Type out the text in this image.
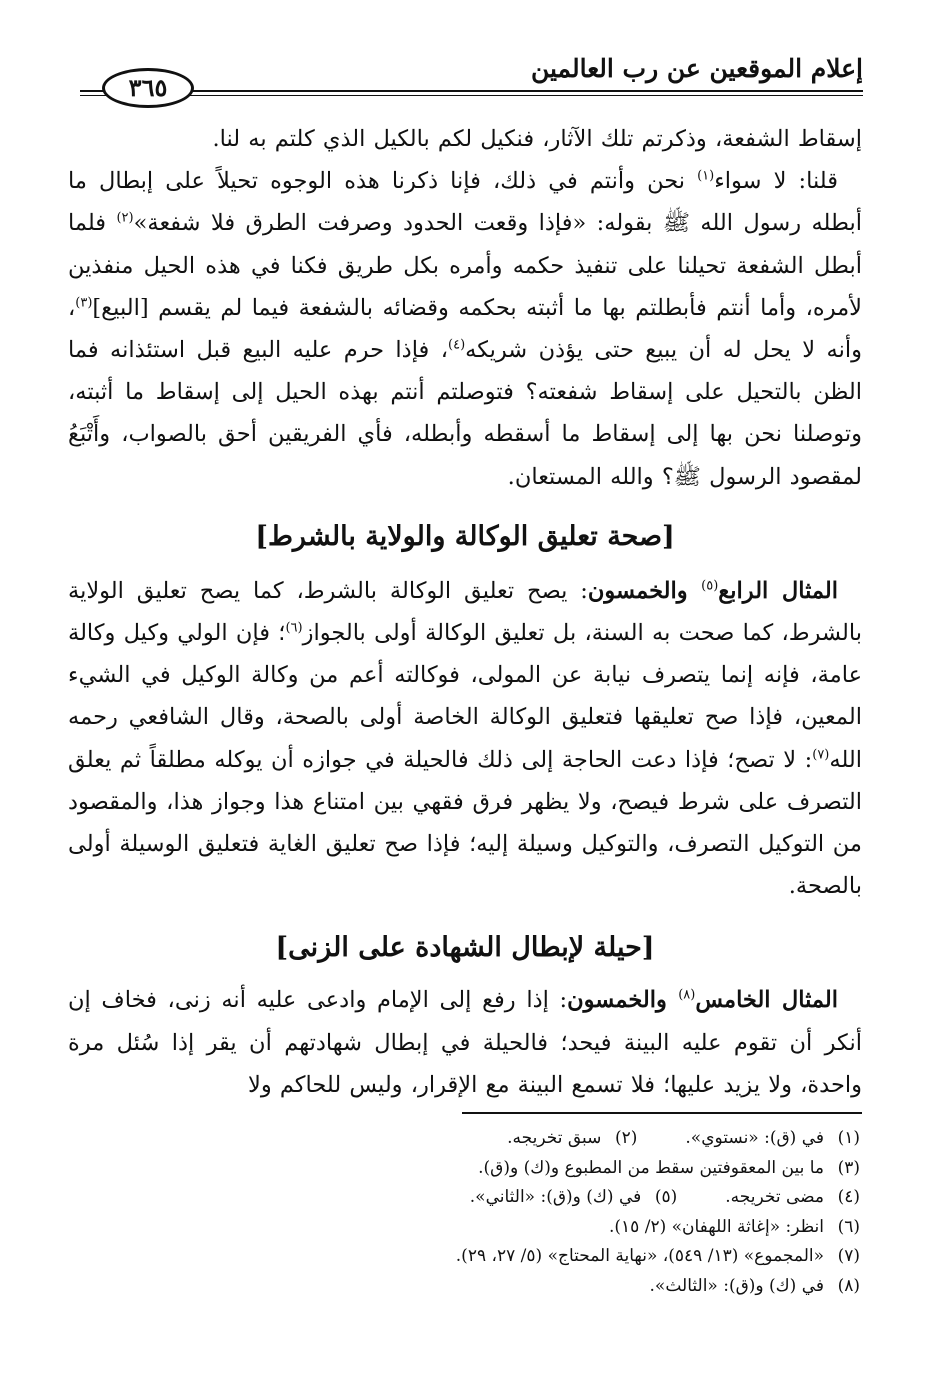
إعلام الموقعين عن رب العالمين
٣٦٥

إسقاط الشفعة، وذكرتم تلك الآثار، فنكيل لكم بالكيل الذي كلتم به لنا.

قلنا: لا سواء$^{(١)}$ نحن وأنتم في ذلك، فإنا ذكرنا هذه الوجوه تحيلاً على إبطال ما أبطله رسول الله ﷺ بقوله: «فإذا وقعت الحدود وصرفت الطرق فلا شفعة»$^{(٢)}$ فلما أبطل الشفعة تحيلنا على تنفيذ حكمه وأمره بكل طريق فكنا في هذه الحيل منفذين لأمره، وأما أنتم فأبطلتم بها ما أثبته بحكمه وقضائه بالشفعة فيما لم يقسم [البيع]$^{(٣)}$، وأنه لا يحل له أن يبيع حتى يؤذن شريكه$^{(٤)}$، فإذا حرم عليه البيع قبل استئذانه فما الظن بالتحيل على إسقاط شفعته؟ فتوصلتم أنتم بهذه الحيل إلى إسقاط ما أثبته، وتوصلنا نحن بها إلى إسقاط ما أسقطه وأبطله، فأي الفريقين أحق بالصواب، وأَتْبَعُ لمقصود الرسول ﷺ؟ والله المستعان.

[صحة تعليق الوكالة والولاية بالشرط]

المثال الرابع$^{(٥)}$ والخمسون: يصح تعليق الوكالة بالشرط، كما يصح تعليق الولاية بالشرط، كما صحت به السنة، بل تعليق الوكالة أولى بالجواز$^{(٦)}$؛ فإن الولي وكيل وكالة عامة، فإنه إنما يتصرف نيابة عن المولى، فوكالته أعم من وكالة الوكيل في الشيء المعين، فإذا صح تعليقها فتعليق الوكالة الخاصة أولى بالصحة، وقال الشافعي رحمه الله$^{(٧)}$: لا تصح؛ فإذا دعت الحاجة إلى ذلك فالحيلة في جوازه أن يوكله مطلقاً ثم يعلق التصرف على شرط فيصح، ولا يظهر فرق فقهي بين امتناع هذا وجواز هذا، والمقصود من التوكيل التصرف، والتوكيل وسيلة إليه؛ فإذا صح تعليق الغاية فتعليق الوسيلة أولى بالصحة.

[حيلة لإبطال الشهادة على الزنى]

المثال الخامس$^{(٨)}$ والخمسون: إذا رفع إلى الإمام وادعى عليه أنه زنى، فخاف إن أنكر أن تقوم عليه البينة فيحد؛ فالحيلة في إبطال شهادتهم أن يقر إذا سُئل مرة واحدة، ولا يزيد عليها؛ فلا تسمع البينة مع الإقرار، وليس للحاكم ولا

(١)في (ق): «نستوي».
(٢)سبق تخريجه.
(٣)ما بين المعقوفتين سقط من المطبوع و(ك) و(ق).
(٤)مضى تخريجه.
(٥)في (ك) و(ق): «الثاني».
(٦)انظر: «إغاثة اللهفان» (٢/ ١٥).
(٧)«المجموع» (١٣/ ٥٤٩)، «نهاية المحتاج» (٥/ ٢٧، ٢٩).
(٨)في (ك) و(ق): «الثالث».
